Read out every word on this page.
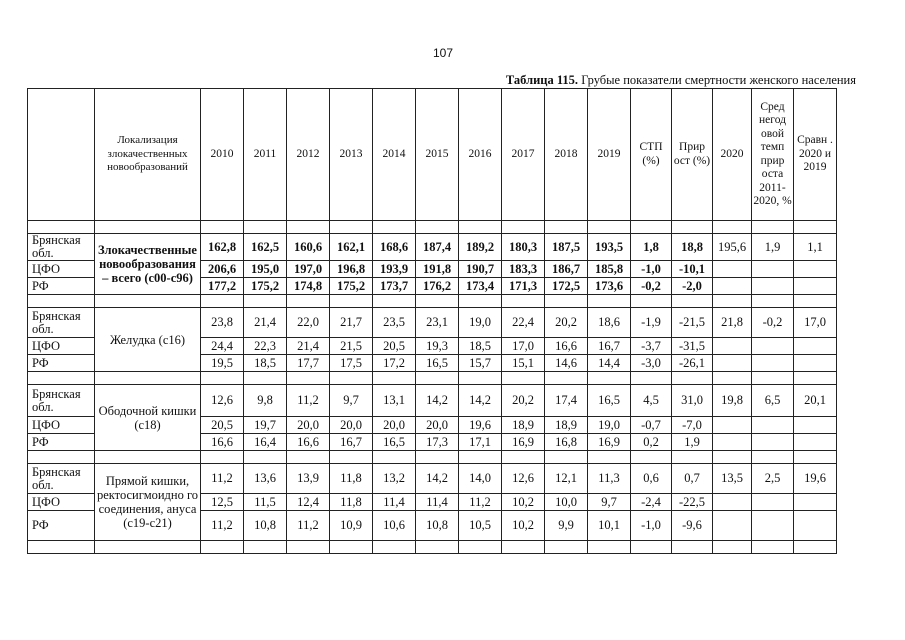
107
Таблица 115. Грубые показатели смертности женского населения
	Локализация злокачественных новообразований	2010	2011	2012	2013	2014	2015	2016	2017	2018	2019	СТП (%)	Прир ост (%)	2020	Сред негод овой темп прир оста 2011- 2020, %	Сравн . 2020 и 2019

Брянская обл.	Злокачественные новообразования – всего (c00-c96)	162,8	162,5	160,6	162,1	168,6	187,4	189,2	180,3	187,5	193,5	1,8	18,8	195,6	1,9	1,1
ЦФО		206,6	195,0	197,0	196,8	193,9	191,8	190,7	183,3	186,7	185,8	-1,0	-10,1			
РФ		177,2	175,2	174,8	175,2	173,7	176,2	173,4	171,3	172,5	173,6	-0,2	-2,0			

Брянская обл.	Желудка (c16)	23,8	21,4	22,0	21,7	23,5	23,1	19,0	22,4	20,2	18,6	-1,9	-21,5	21,8	-0,2	17,0
ЦФО		24,4	22,3	21,4	21,5	20,5	19,3	18,5	17,0	16,6	16,7	-3,7	-31,5			
РФ		19,5	18,5	17,7	17,5	17,2	16,5	15,7	15,1	14,6	14,4	-3,0	-26,1			

Брянская обл.	Ободочной кишки (c18)	12,6	9,8	11,2	9,7	13,1	14,2	14,2	20,2	17,4	16,5	4,5	31,0	19,8	6,5	20,1
ЦФО		20,5	19,7	20,0	20,0	20,0	20,0	19,6	18,9	18,9	19,0	-0,7	-7,0			
РФ		16,6	16,4	16,6	16,7	16,5	17,3	17,1	16,9	16,8	16,9	0,2	1,9			

Брянская обл.	Прямой кишки, ректосигмоидно го соединения, ануса (c19-c21)	11,2	13,6	13,9	11,8	13,2	14,2	14,0	12,6	12,1	11,3	0,6	0,7	13,5	2,5	19,6
ЦФО		12,5	11,5	12,4	11,8	11,4	11,4	11,2	10,2	10,0	9,7	-2,4	-22,5			
РФ		11,2	10,8	11,2	10,9	10,6	10,8	10,5	10,2	9,9	10,1	-1,0	-9,6			
